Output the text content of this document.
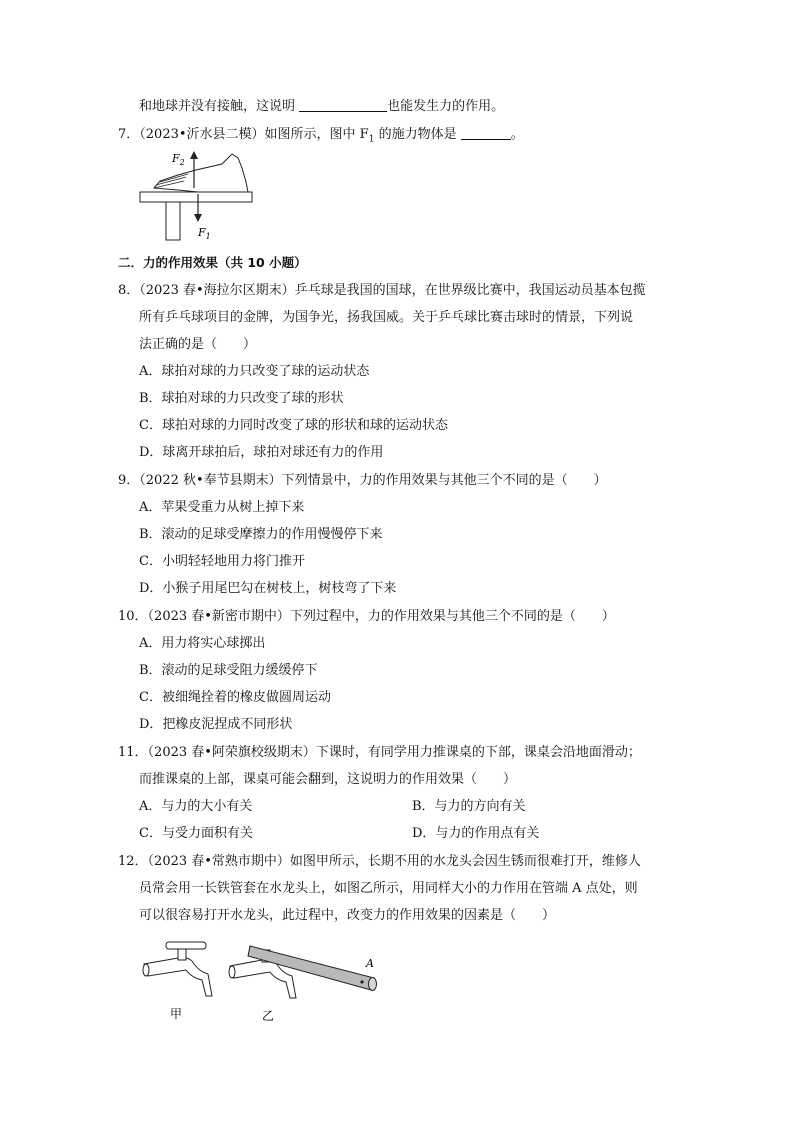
和地球并没有接触，这说明	也能发生力的作用。
7．（2023•沂水县二模）如图所示，图中 $F_1$ 的施力物体是	。
$F_2$
$F_1$
二．力的作用效果（共 10 小题）
8．（2023 春•海拉尔区期末）乒乓球是我国的国球，在世界级比赛中，我国运动员基本包揽
所有乒乓球项目的金牌，为国争光，扬我国威。关于乒乓球比赛击球时的情景，下列说
法正确的是（　　）
A．球拍对球的力只改变了球的运动状态
B．球拍对球的力只改变了球的形状
C．球拍对球的力同时改变了球的形状和球的运动状态
D．球离开球拍后，球拍对球还有力的作用
9．（2022 秋•奉节县期末）下列情景中，力的作用效果与其他三个不同的是（　　）
A．苹果受重力从树上掉下来
B．滚动的足球受摩擦力的作用慢慢停下来
C．小明轻轻地用力将门推开
D．小猴子用尾巴勾在树枝上，树枝弯了下来
10．（2023 春•新密市期中）下列过程中，力的作用效果与其他三个不同的是（　　）
A．用力将实心球掷出
B．滚动的足球受阻力缓缓停下
C．被细绳拴着的橡皮做圆周运动
D．把橡皮泥捏成不同形状
11．（2023 春•阿荣旗校级期末）下课时，有同学用力推课桌的下部，课桌会沿地面滑动；
而推课桌的上部，课桌可能会翻到，这说明力的作用效果（　　）
A．与力的大小有关	B．与力的方向有关
C．与受力面积有关	D．与力的作用点有关
12．（2023 春•常熟市期中）如图甲所示，长期不用的水龙头会因生锈而很难打开，维修人
员常会用一长铁管套在水龙头上，如图乙所示，用同样大小的力作用在管端 A 点处，则
可以很容易打开水龙头，此过程中，改变力的作用效果的因素是（　　）
A
甲	乙
